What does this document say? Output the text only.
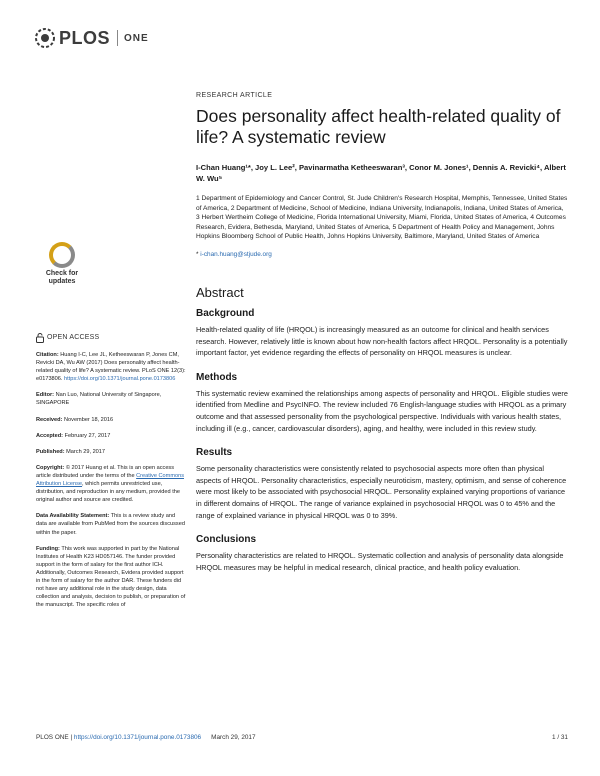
PLOS ONE
Check for
updates
RESEARCH ARTICLE
Does personality affect health-related quality of life? A systematic review
I-Chan Huang¹*, Joy L. Lee², Pavinarmatha Ketheeswaran³, Conor M. Jones¹, Dennis A. Revicki⁴, Albert W. Wu⁵
1 Department of Epidemiology and Cancer Control, St. Jude Children's Research Hospital, Memphis, Tennessee, United States of America, 2 Department of Medicine, School of Medicine, Indiana University, Indianapolis, Indiana, United States of America, 3 Herbert Wertheim College of Medicine, Florida International University, Miami, Florida, United States of America, 4 Outcomes Research, Evidera, Bethesda, Maryland, United States of America, 5 Department of Health Policy and Management, Johns Hopkins Bloomberg School of Public Health, Johns Hopkins University, Baltimore, Maryland, United States of America
* i-chan.huang@stjude.org
Abstract
Background

Health-related quality of life (HRQOL) is increasingly measured as an outcome for clinical and health services research. However, relatively little is known about how non-health factors affect HRQOL. Personality is a potentially important factor, yet evidence regarding the effects of personality on HRQOL measures is unclear.

Methods

This systematic review examined the relationships among aspects of personality and HRQOL. Eligible studies were identified from Medline and PsycINFO. The review included 76 English-language studies with HRQOL as a primary outcome and that assessed personality from the psychological perspective. Individuals with various health states, including ill (e.g., cancer, cardiovascular disorders), aging, and healthy, were included in this review study.

Results

Some personality characteristics were consistently related to psychosocial aspects more often than physical aspects of HRQOL. Personality characteristics, especially neuroticism, mastery, optimism, and sense of coherence were most likely to be associated with psychosocial HRQOL. Personality explained varying proportions of variance in different domains of HRQOL. The range of variance explained in psychosocial HRQOL was 0 to 45% and the range of explained variance in physical HRQOL was 0 to 39%.

Conclusions

Personality characteristics are related to HRQOL. Systematic collection and analysis of personality data alongside HRQOL measures may be helpful in medical research, clinical practice, and health policy evaluation.

OPEN ACCESS
Citation: Huang I-C, Lee JL, Ketheeswaran P, Jones CM, Revicki DA, Wu AW (2017) Does personality affect health-related quality of life? A systematic review. PLoS ONE 12(3): e0173806. https://doi.org/10.1371/journal.pone.0173806
Editor: Nan Luo, National University of Singapore, SINGAPORE
Received: November 18, 2016
Accepted: February 27, 2017
Published: March 29, 2017
Copyright: © 2017 Huang et al. This is an open access article distributed under the terms of the Creative Commons Attribution License, which permits unrestricted use, distribution, and reproduction in any medium, provided the original author and source are credited.
Data Availability Statement: This is a review study and data are available from PubMed from the sources discussed within the paper.
Funding: This work was supported in part by the National Institutes of Health K23 HD057146. The funder provided support in the form of salary for the first author ICH. Additionally, Outcomes Research, Evidera provided support in the form of salary for the author DAR. These funders did not have any additional role in the study design, data collection and analysis, decision to publish, or preparation of the manuscript. The specific roles of
PLOS ONE | https://doi.org/10.1371/journal.pone.0173806 March 29, 2017	1 / 31
